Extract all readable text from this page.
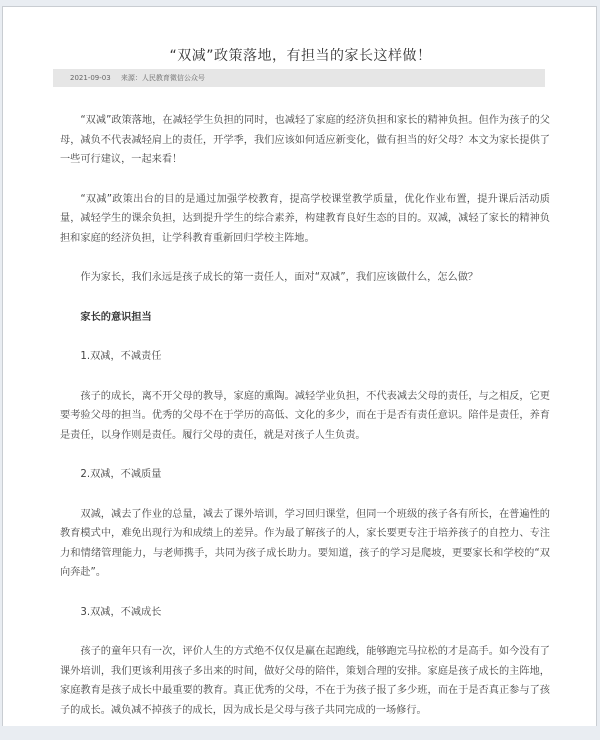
“双减”政策落地，有担当的家长这样做！
2021-09-03 来源：人民教育微信公众号

“双减”政策落地，在减轻学生负担的同时，也减轻了家庭的经济负担和家长的精神负担。但作为孩子的父母，减负不代表减轻肩上的责任，开学季，我们应该如何适应新变化，做有担当的好父母？本文为家长提供了一些可行建议，一起来看！

“双减”政策出台的目的是通过加强学校教育，提高学校课堂教学质量，优化作业布置，提升课后活动质量，减轻学生的课余负担，达到提升学生的综合素养，构建教育良好生态的目的。双减，减轻了家长的精神负担和家庭的经济负担，让学科教育重新回归学校主阵地。

作为家长，我们永远是孩子成长的第一责任人，面对“双减”，我们应该做什么，怎么做？

家长的意识担当

1.双减，不减责任

孩子的成长，离不开父母的教导，家庭的熏陶。减轻学业负担，不代表减去父母的责任，与之相反，它更要考验父母的担当。优秀的父母不在于学历的高低、文化的多少，而在于是否有责任意识。陪伴是责任，养育是责任，以身作则是责任。履行父母的责任，就是对孩子人生负责。

2.双减，不减质量

双减，减去了作业的总量，减去了课外培训，学习回归课堂，但同一个班级的孩子各有所长，在普遍性的教育模式中，难免出现行为和成绩上的差异。作为最了解孩子的人，家长要更专注于培养孩子的自控力、专注力和情绪管理能力，与老师携手，共同为孩子成长助力。要知道，孩子的学习是爬坡，更要家长和学校的“双向奔赴”。

3.双减，不减成长

孩子的童年只有一次，评价人生的方式绝不仅仅是赢在起跑线，能够跑完马拉松的才是高手。如今没有了课外培训，我们更该利用孩子多出来的时间，做好父母的陪伴，策划合理的安排。家庭是孩子成长的主阵地，家庭教育是孩子成长中最重要的教育。真正优秀的父母，不在于为孩子报了多少班，而在于是否真正参与了孩子的成长。减负减不掉孩子的成长，因为成长是父母与孩子共同完成的一场修行。
